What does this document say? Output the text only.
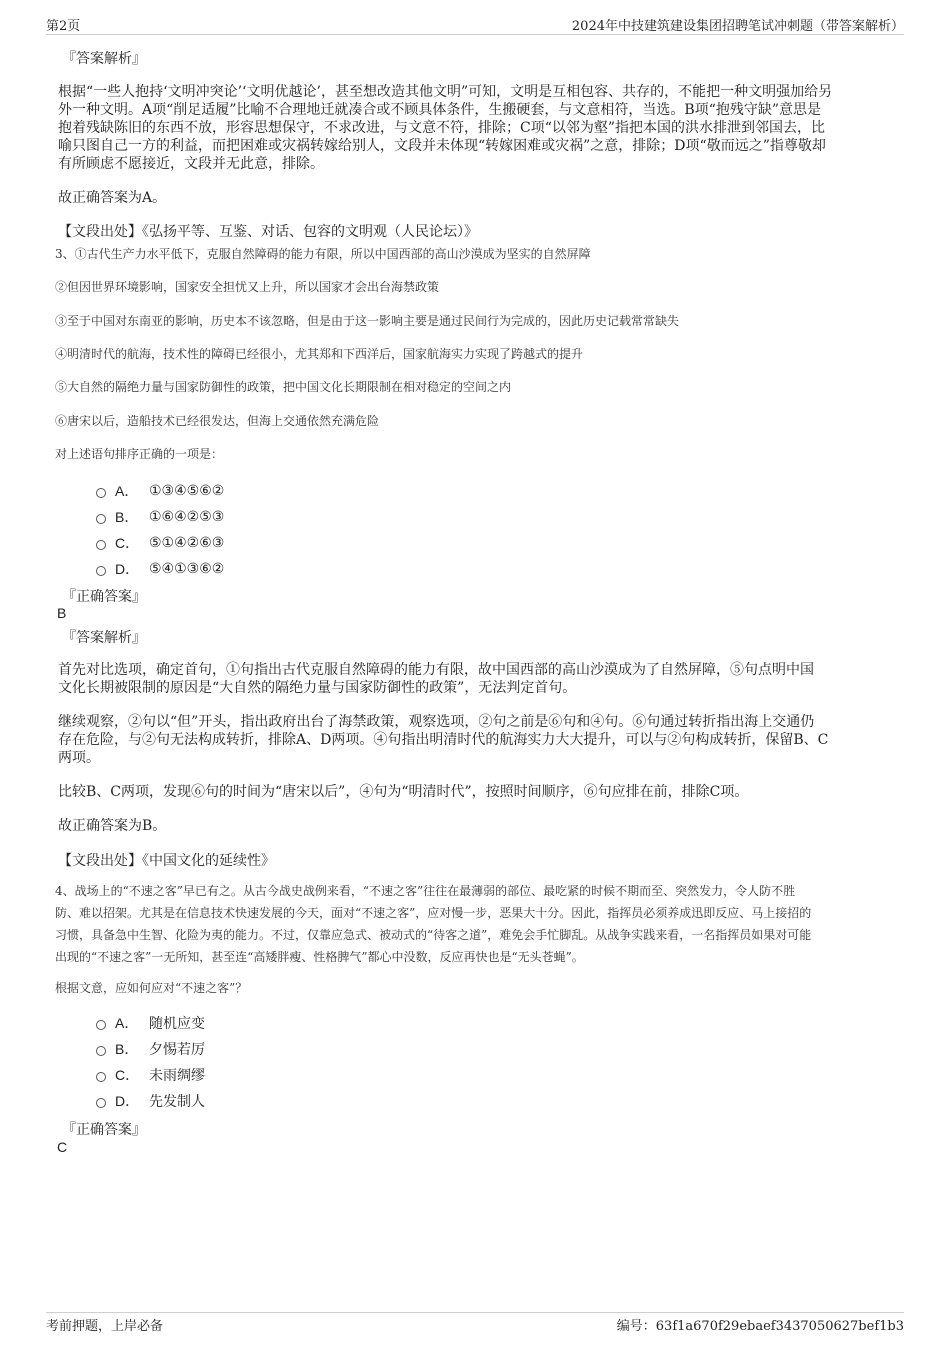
第2页	2024年中技建筑建设集团招聘笔试冲刺题（带答案解析）
『答案解析』
根据“一些人抱持‘文明冲突论’‘文明优越论’，甚至想改造其他文明”可知，文明是互相包容、共存的，不能把一种文明强加给另
外一种文明。A项“削足适履”比喻不合理地迁就凑合或不顾具体条件，生搬硬套，与文意相符，当选。B项“抱残守缺”意思是
抱着残缺陈旧的东西不放，形容思想保守，不求改进，与文意不符，排除；C项“以邻为壑”指把本国的洪水排泄到邻国去，比
喻只图自己一方的利益，而把困难或灾祸转嫁给别人，文段并未体现“转嫁困难或灾祸”之意，排除；D项“敬而远之”指尊敬却
有所顾虑不愿接近，文段并无此意，排除。
故正确答案为A。
【文段出处】《弘扬平等、互鉴、对话、包容的文明观（人民论坛）》
3、①古代生产力水平低下，克服自然障碍的能力有限，所以中国西部的高山沙漠成为坚实的自然屏障
②但因世界环境影响，国家安全担忧又上升，所以国家才会出台海禁政策
③至于中国对东南亚的影响，历史本不该忽略，但是由于这一影响主要是通过民间行为完成的，因此历史记载常常缺失
④明清时代的航海，技术性的障碍已经很小，尤其郑和下西洋后，国家航海实力实现了跨越式的提升
⑤大自然的隔绝力量与国家防御性的政策，把中国文化长期限制在相对稳定的空间之内
⑥唐宋以后，造船技术已经很发达，但海上交通依然充满危险
对上述语句排序正确的一项是：
A． ①③④⑤⑥②
B． ①⑥④②⑤③
C． ⑤①④②⑥③
D． ⑤④①③⑥②
『正确答案』
B
『答案解析』
首先对比选项，确定首句，①句指出古代克服自然障碍的能力有限，故中国西部的高山沙漠成为了自然屏障，⑤句点明中国
文化长期被限制的原因是“大自然的隔绝力量与国家防御性的政策”，无法判定首句。
继续观察，②句以“但”开头，指出政府出台了海禁政策，观察选项，②句之前是⑥句和④句。⑥句通过转折指出海上交通仍
存在危险，与②句无法构成转折，排除A、D两项。④句指出明清时代的航海实力大大提升，可以与②句构成转折，保留B、C
两项。
比较B、C两项，发现⑥句的时间为“唐宋以后”，④句为“明清时代”，按照时间顺序，⑥句应排在前，排除C项。
故正确答案为B。
【文段出处】《中国文化的延续性》
4、战场上的“不速之客”早已有之。从古今战史战例来看，“不速之客”往往在最薄弱的部位、最吃紧的时候不期而至、突然发力，令人防不胜
防、难以招架。尤其是在信息技术快速发展的今天，面对“不速之客”，应对慢一步，恶果大十分。因此，指挥员必须养成迅即反应、马上接招的
习惯，具备急中生智、化险为夷的能力。不过，仅靠应急式、被动式的“待客之道”，难免会手忙脚乱。从战争实践来看，一名指挥员如果对可能
出现的“不速之客”一无所知，甚至连“高矮胖瘦、性格脾气”都心中没数，反应再快也是“无头苍蝇”。
根据文意，应如何应对“不速之客”？
A． 随机应变
B． 夕惕若厉
C． 未雨绸缪
D． 先发制人
『正确答案』
C
考前押题，上岸必备	编号：63f1a670f29ebaef3437050627bef1b3
